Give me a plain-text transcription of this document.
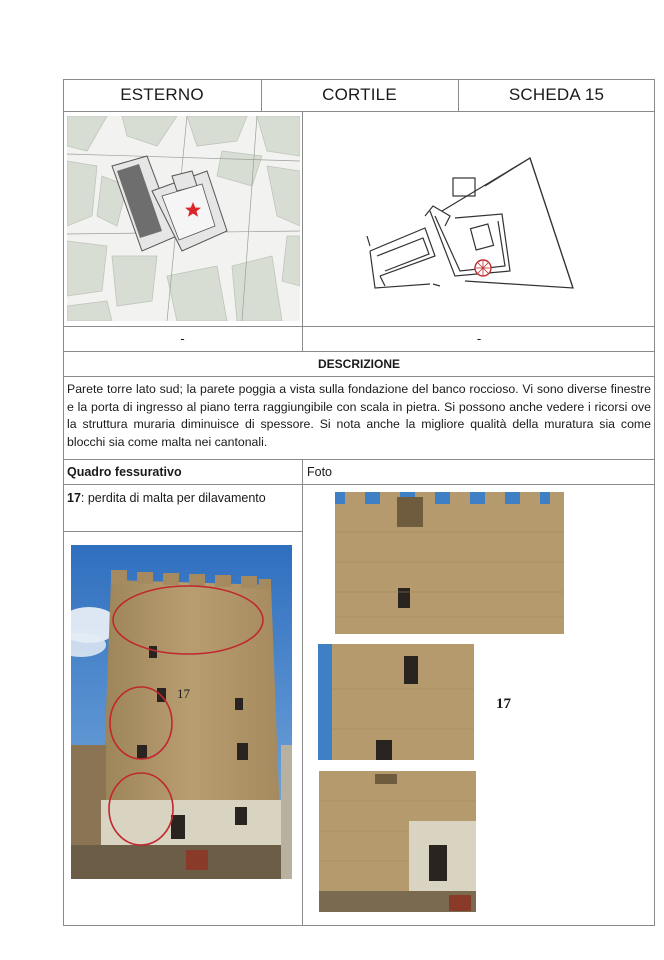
ESTERNO	CORTILE	SCHEDA 15
-	-
DESCRIZIONE
Parete torre lato sud; la parete poggia a vista sulla fondazione del banco roccioso. Vi sono diverse finestre e la porta di ingresso al piano terra raggiungibile con scala in pietra. Si possono anche vedere i ricorsi ove la struttura muraria diminuisce di spessore. Si nota anche la migliore qualità della muratura sia come blocchi sia come malta nei cantonali.
Quadro fessurativo	Foto
17: perdita di malta per dilavamento
17
17
